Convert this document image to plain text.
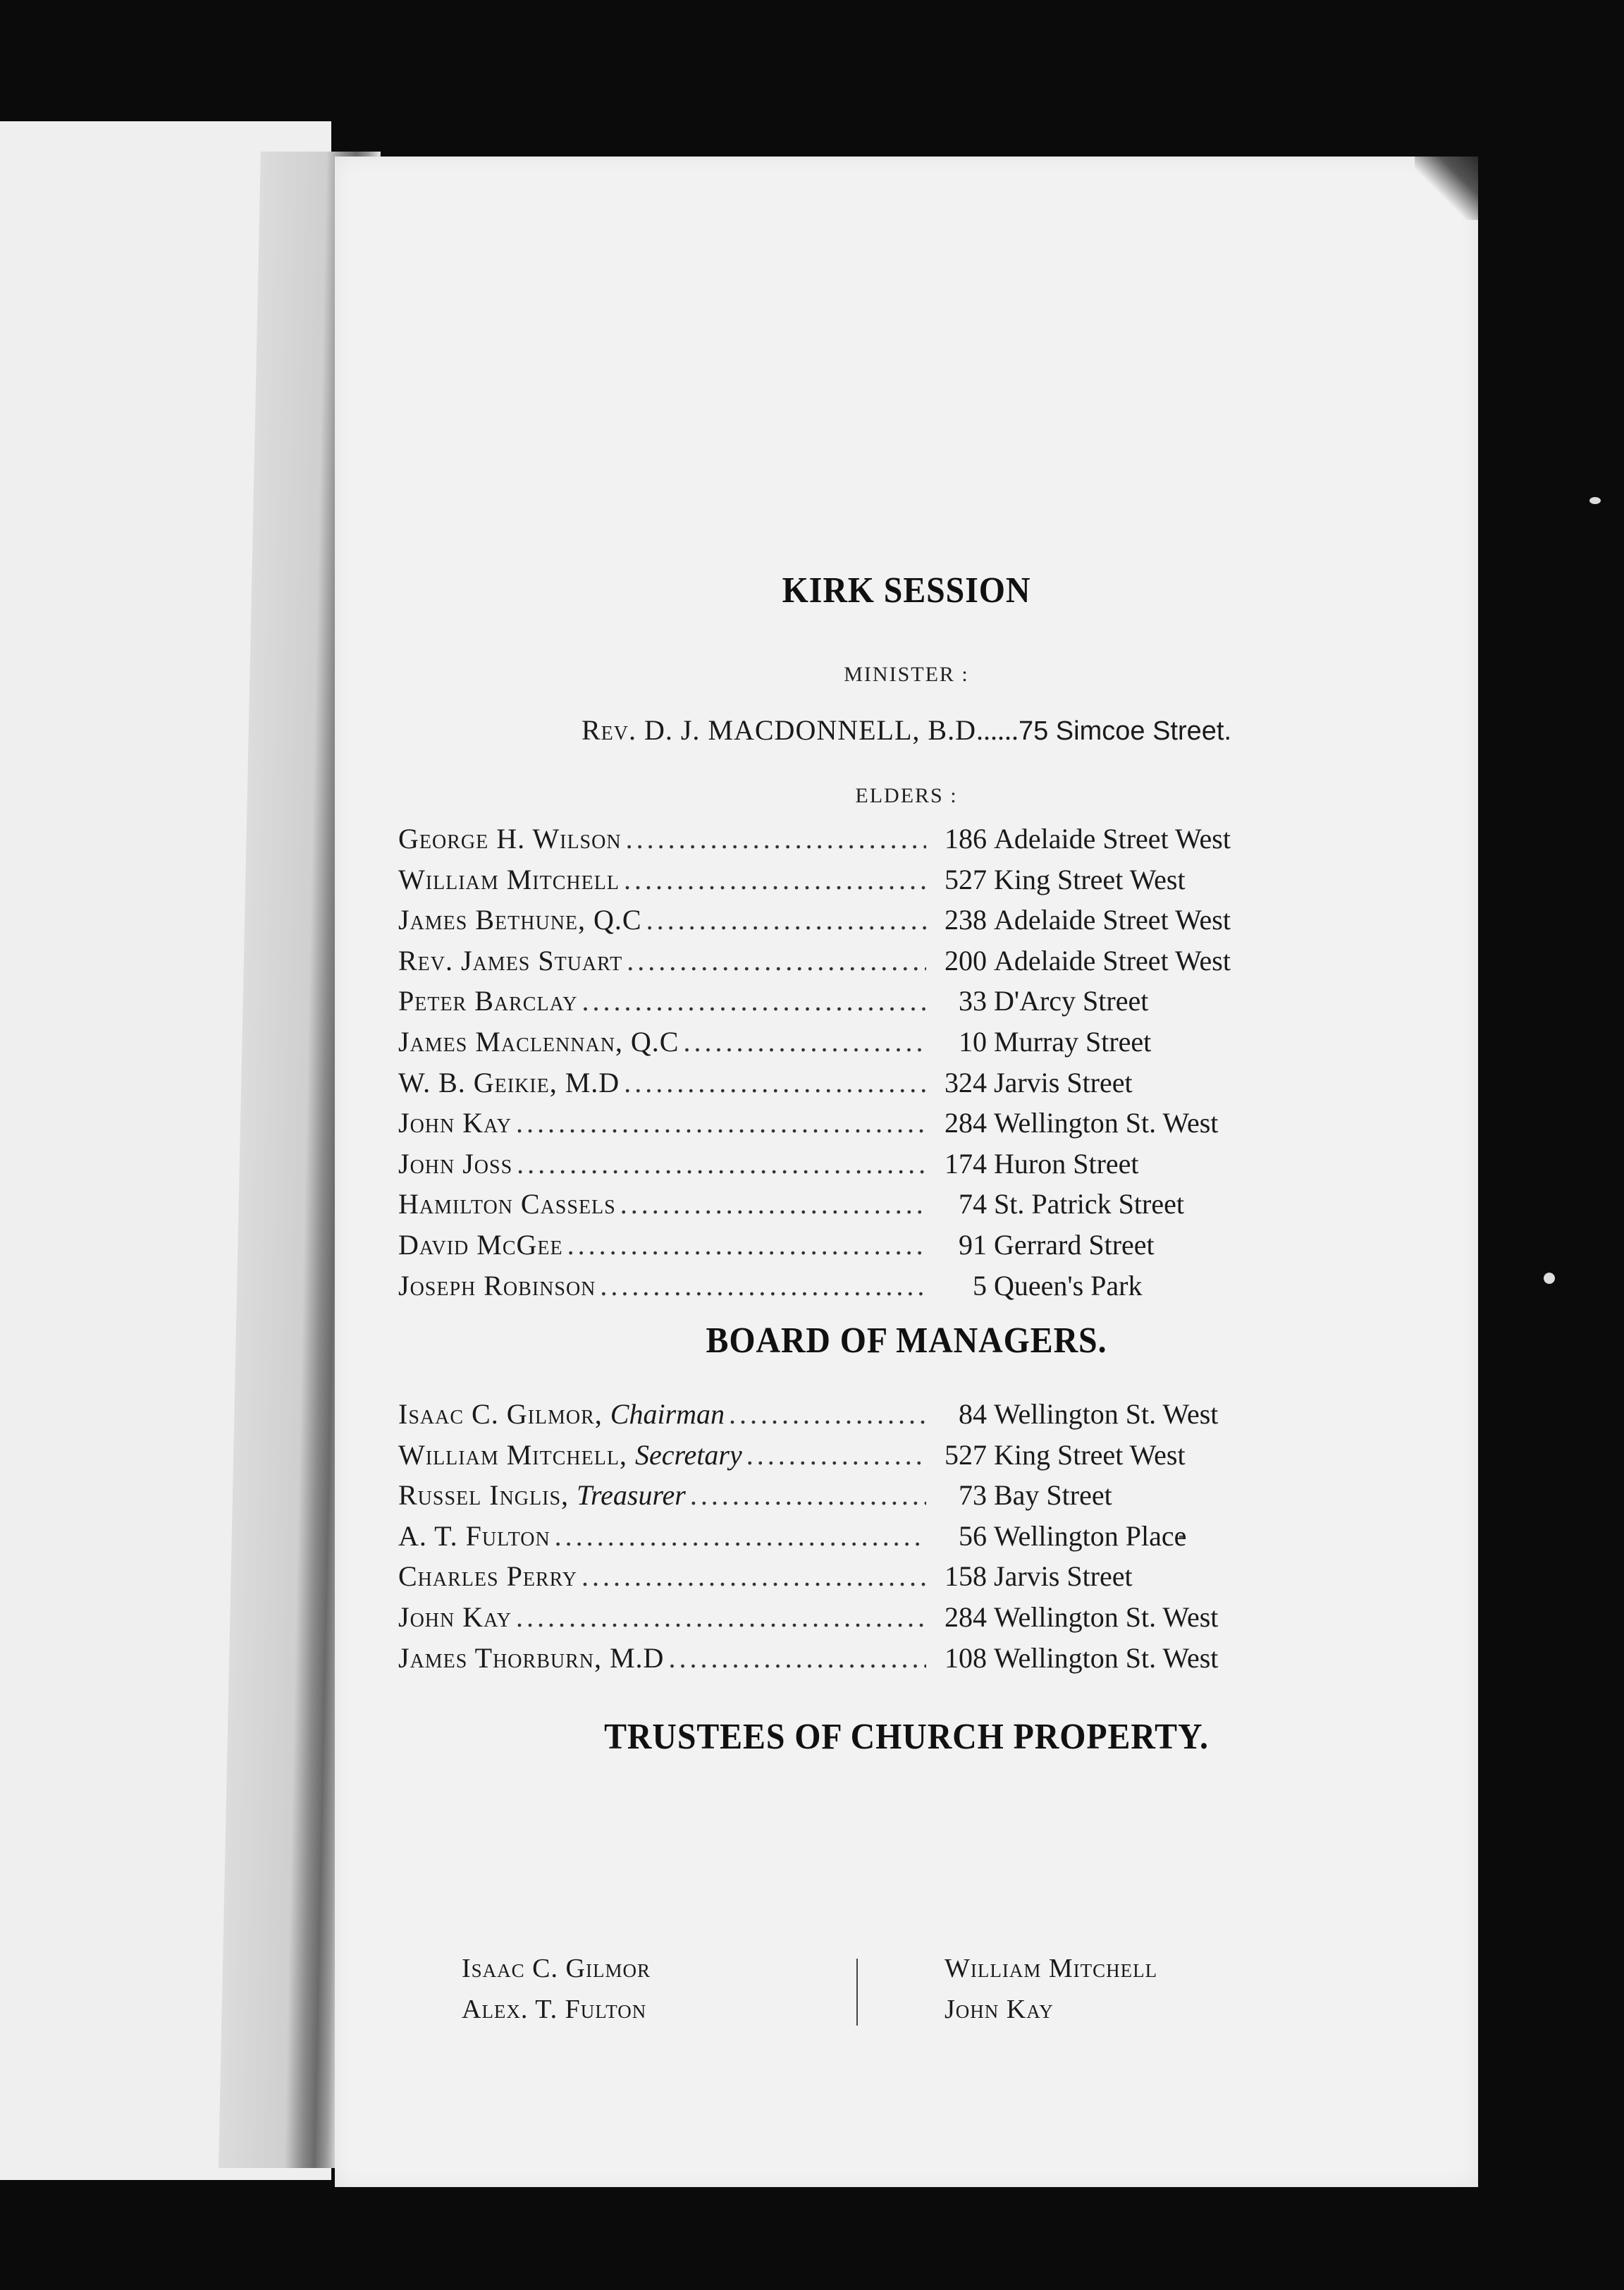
KIRK SESSION
MINISTER :
Rev. D. J. MACDONNELL, B.D......75 Simcoe Street.
ELDERS :
George H. Wilson .....	186 Adelaide Street West
William Mitchell .....	527 King Street West
James Bethune, Q.C .....	238 Adelaide Street West
Rev. James Stuart .....	200 Adelaide Street West
Peter Barclay .....	33 D'Arcy Street
James Maclennan, Q.C .....	10 Murray Street
W. B. Geikie, M.D .....	324 Jarvis Street
John Kay .....	284 Wellington St. West
John Joss .....	174 Huron Street
Hamilton Cassels .....	74 St. Patrick Street
David McGee .....	91 Gerrard Street
Joseph Robinson .....	5 Queen's Park
BOARD OF MANAGERS.
Isaac C. Gilmor, Chairman .....	84 Wellington St. West
William Mitchell, Secretary .....	527 King Street West
Russel Inglis, Treasurer .....	73 Bay Street
A. T. Fulton .....	56 Wellington Place
Charles Perry .....	158 Jarvis Street
John Kay .....	284 Wellington St. West
James Thorburn, M.D .....	108 Wellington St. West
TRUSTEES OF CHURCH PROPERTY.
Isaac C. Gilmor
Alex. T. Fulton
William Mitchell
John Kay
